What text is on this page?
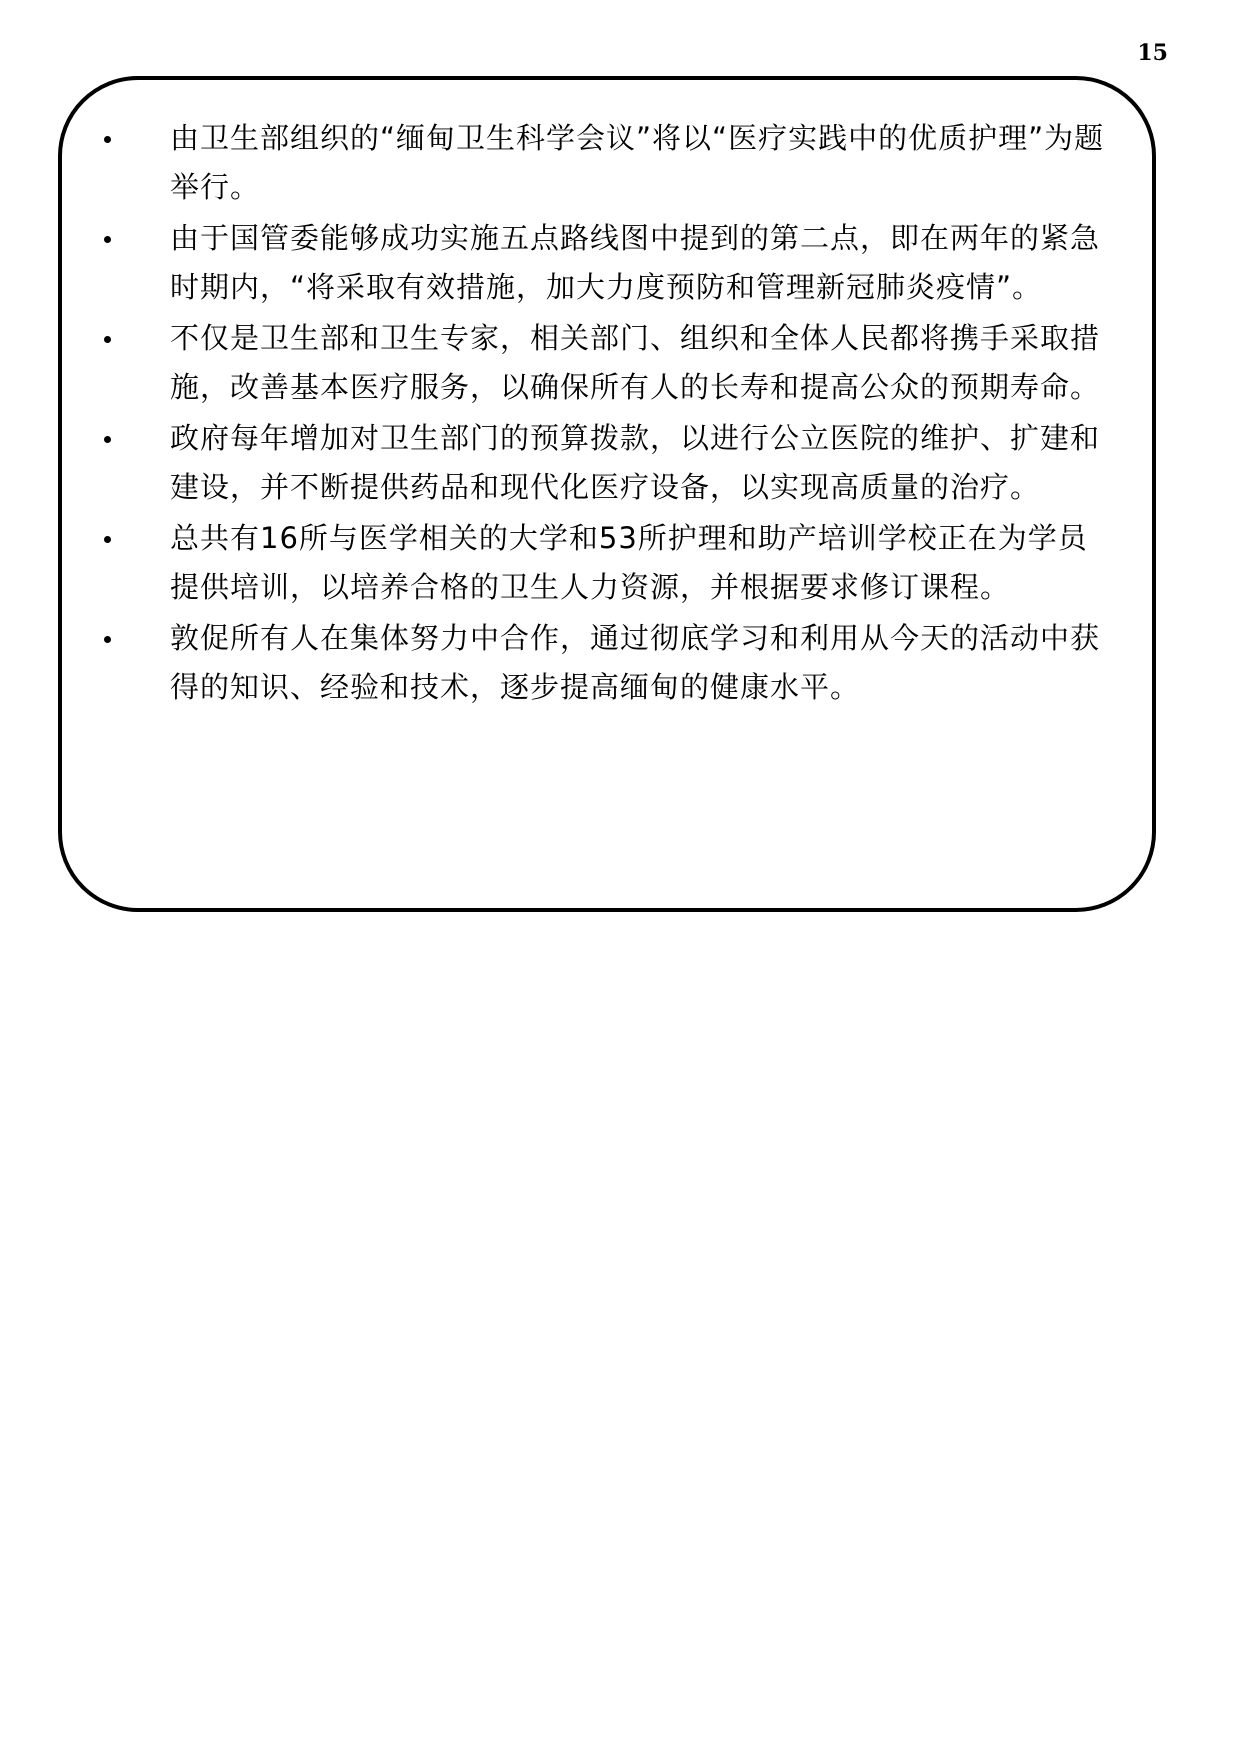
15
由卫生部组织的“缅甸卫生科学会议”将以“医疗实践中的优质护理”为题举行。
由于国管委能够成功实施五点路线图中提到的第二点，即在两年的紧急时期内，“将采取有效措施，加大力度预防和管理新冠肺炎疫情”。
不仅是卫生部和卫生专家，相关部门、组织和全体人民都将携手采取措施，改善基本医疗服务，以确保所有人的长寿和提高公众的预期寿命。
政府每年增加对卫生部门的预算拨款，以进行公立医院的维护、扩建和建设，并不断提供药品和现代化医疗设备，以实现高质量的治疗。
总共有16所与医学相关的大学和53所护理和助产培训学校正在为学员提供培训，以培养合格的卫生人力资源，并根据要求修订课程。
敦促所有人在集体努力中合作，通过彻底学习和利用从今天的活动中获得的知识、经验和技术，逐步提高缅甸的健康水平。
